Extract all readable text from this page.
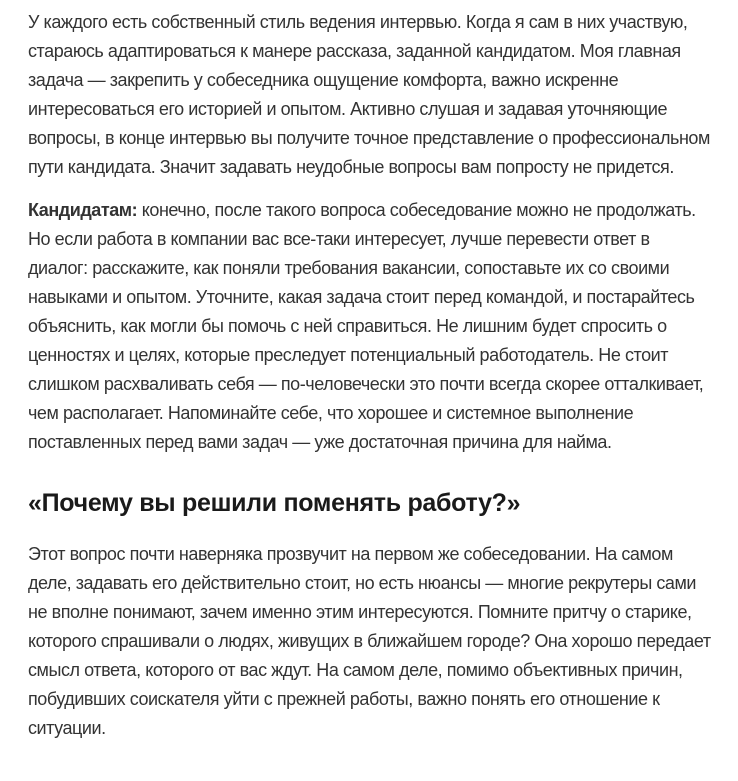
У каждого есть собственный стиль ведения интервью. Когда я сам в них участвую, стараюсь адаптироваться к манере рассказа, заданной кандидатом. Моя главная задача — закрепить у собеседника ощущение комфорта, важно искренне интересоваться его историей и опытом. Активно слушая и задавая уточняющие вопросы, в конце интервью вы получите точное представление о профессиональном пути кандидата. Значит задавать неудобные вопросы вам попросту не придется.

Кандидатам: конечно, после такого вопроса собеседование можно не продолжать. Но если работа в компании вас все-таки интересует, лучше перевести ответ в диалог: расскажите, как поняли требования вакансии, сопоставьте их со своими навыками и опытом. Уточните, какая задача стоит перед командой, и постарайтесь объяснить, как могли бы помочь с ней справиться. Не лишним будет спросить о ценностях и целях, которые преследует потенциальный работодатель. Не стоит слишком расхваливать себя — по-человечески это почти всегда скорее отталкивает, чем располагает. Напоминайте себе, что хорошее и системное выполнение поставленных перед вами задач — уже достаточная причина для найма.

«Почему вы решили поменять работу?»

Этот вопрос почти наверняка прозвучит на первом же собеседовании. На самом деле, задавать его действительно стоит, но есть нюансы — многие рекрутеры сами не вполне понимают, зачем именно этим интересуются. Помните притчу о старике, которого спрашивали о людях, живущих в ближайшем городе? Она хорошо передает смысл ответа, которого от вас ждут. На самом деле, помимо объективных причин, побудивших соискателя уйти с прежней работы, важно понять его отношение к ситуации.
